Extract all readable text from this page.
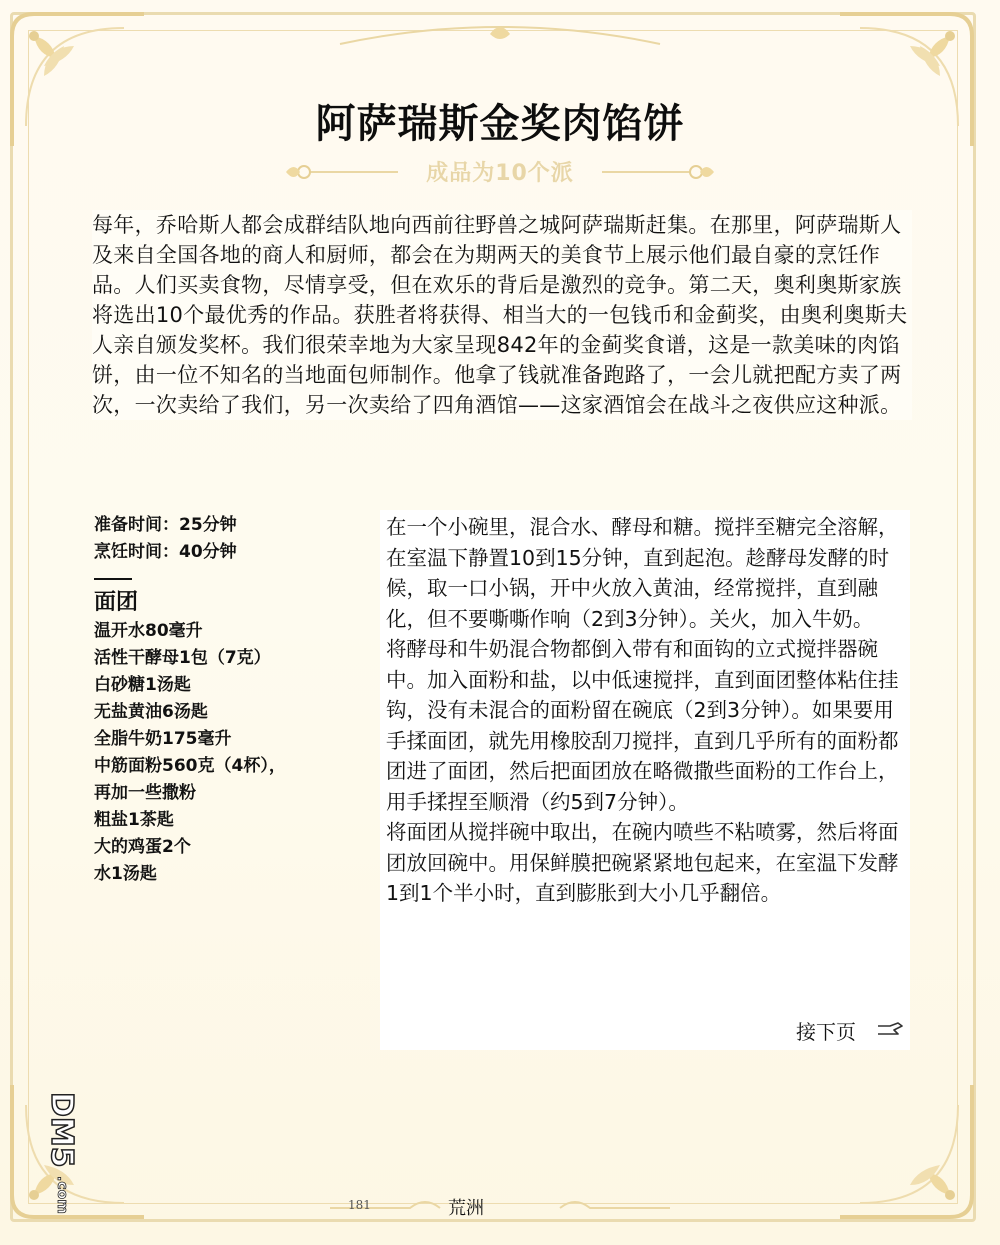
阿萨瑞斯金奖肉馅饼
成品为10个派

每年，乔哈斯人都会成群结队地向西前往野兽之城阿萨瑞斯赶集。在那里，阿萨瑞斯人及来自全国各地的商人和厨师，都会在为期两天的美食节上展示他们最自豪的烹饪作品。人们买卖食物，尽情享受，但在欢乐的背后是激烈的竞争。第二天，奥利奥斯家族将选出10个最优秀的作品。获胜者将获得、相当大的一包钱币和金蓟奖，由奥利奥斯夫人亲自颁发奖杯。我们很荣幸地为大家呈现842年的金蓟奖食谱，这是一款美味的肉馅饼，由一位不知名的当地面包师制作。他拿了钱就准备跑路了，一会儿就把配方卖了两次，一次卖给了我们，另一次卖给了四角酒馆——这家酒馆会在战斗之夜供应这种派。

准备时间：25分钟
烹饪时间：40分钟
面团
温开水80毫升
活性干酵母1包（7克）
白砂糖1汤匙
无盐黄油6汤匙
全脂牛奶175毫升
中筋面粉560克（4杯），再加一些撒粉
粗盐1茶匙
大的鸡蛋2个
水1汤匙

在一个小碗里，混合水、酵母和糖。搅拌至糖完全溶解，在室温下静置10到15分钟，直到起泡。趁酵母发酵的时候，取一口小锅，开中火放入黄油，经常搅拌，直到融化，但不要嘶嘶作响（2到3分钟）。关火，加入牛奶。

将酵母和牛奶混合物都倒入带有和面钩的立式搅拌器碗中。加入面粉和盐，以中低速搅拌，直到面团整体粘住挂钩，没有未混合的面粉留在碗底（2到3分钟）。如果要用手揉面团，就先用橡胶刮刀搅拌，直到几乎所有的面粉都团进了面团，然后把面团放在略微撒些面粉的工作台上，用手揉捏至顺滑（约5到7分钟）。

将面团从搅拌碗中取出，在碗内喷些不粘喷雾，然后将面团放回碗中。用保鲜膜把碗紧紧地包起来，在室温下发酵1到1个半小时，直到膨胀到大小几乎翻倍。

接下页
181	荒洲
DM5
.com
